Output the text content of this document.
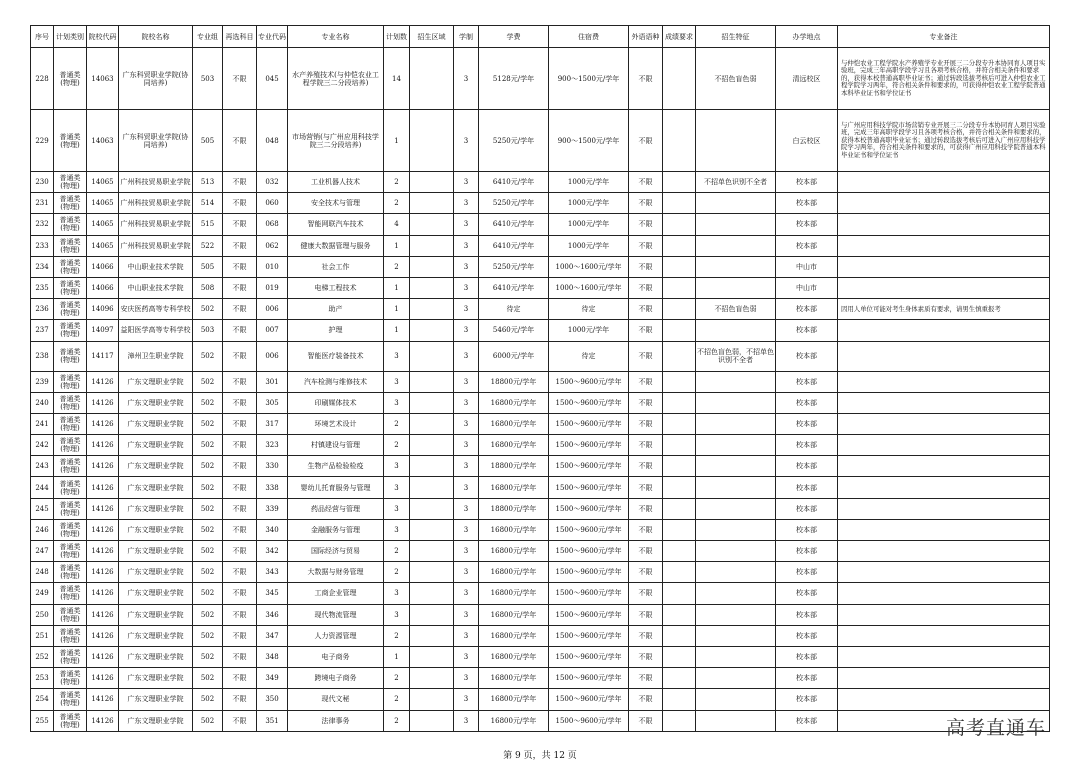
序号	计划类别	院校代码	院校名称	专业组	再选科目	专业代码	专业名称	计划数	招生区域	学制	学费	住宿费	外语语种	成绩要求	招生特征	办学地点	专业备注
228	普通类(物理)	14063	广东科贸职业学院(协同培养)	503	不限	045	水产养殖技术(与仲恺农业工程学院三二分段培养)	14		3	5128元/学年	900～1500元/学年	不限		不招色盲色弱	清远校区	与仲恺农业工程学院水产养殖学专业开展三二分段专升本协同育人项目实验班，完成三年高职学段学习且各项考核合格，并符合相关条件和要求的，获得本校普通高职毕业证书；通过转段选拔考核后可进入仲恺农业工程学院学习两年，符合相关条件和要求的，可获得仲恺农业工程学院普通本科毕业证书和学位证书
229	普通类(物理)	14063	广东科贸职业学院(协同培养)	505	不限	048	市场营销(与广州应用科技学院三二分段培养)	1		3	5250元/学年	900～1500元/学年	不限			白云校区	与广州应用科技学院市场营销专业开展三二分段专升本协同育人项目实验班，完成三年高职学段学习且各项考核合格，并符合相关条件和要求的，获得本校普通高职毕业证书；通过转段选拔考核后可进入广州应用科技学院学习两年，符合相关条件和要求的，可获得广州应用科技学院普通本科毕业证书和学位证书
230	普通类(物理)	14065	广州科技贸易职业学院	513	不限	032	工业机器人技术	2		3	6410元/学年	1000元/学年	不限		不招单色识别不全者	校本部	
231	普通类(物理)	14065	广州科技贸易职业学院	514	不限	060	安全技术与管理	2		3	5250元/学年	1000元/学年	不限			校本部	
232	普通类(物理)	14065	广州科技贸易职业学院	515	不限	068	智能网联汽车技术	4		3	6410元/学年	1000元/学年	不限			校本部	
233	普通类(物理)	14065	广州科技贸易职业学院	522	不限	062	健康大数据管理与服务	1		3	6410元/学年	1000元/学年	不限			校本部	
234	普通类(物理)	14066	中山职业技术学院	505	不限	010	社会工作	2		3	5250元/学年	1000～1600元/学年	不限			中山市	
235	普通类(物理)	14066	中山职业技术学院	508	不限	019	电梯工程技术	1		3	6410元/学年	1000～1600元/学年	不限			中山市	
236	普通类(物理)	14096	安庆医药高等专科学校	502	不限	006	助产	1		3	待定	待定	不限		不招色盲色弱	校本部	因用人单位可能对考生身体素质有要求，请男生慎重报考
237	普通类(物理)	14097	益阳医学高等专科学校	503	不限	007	护理	1		3	5460元/学年	1000元/学年	不限			校本部	
238	普通类(物理)	14117	漳州卫生职业学院	502	不限	006	智能医疗装备技术	3		3	6000元/学年	待定	不限		不招色盲色弱，不招单色识别不全者	校本部	
239	普通类(物理)	14126	广东文理职业学院	502	不限	301	汽车检测与维修技术	3		3	18800元/学年	1500～9600元/学年	不限			校本部	
240	普通类(物理)	14126	广东文理职业学院	502	不限	305	印刷媒体技术	3		3	16800元/学年	1500～9600元/学年	不限			校本部	
241	普通类(物理)	14126	广东文理职业学院	502	不限	317	环境艺术设计	2		3	16800元/学年	1500～9600元/学年	不限			校本部	
242	普通类(物理)	14126	广东文理职业学院	502	不限	323	村镇建设与管理	2		3	16800元/学年	1500～9600元/学年	不限			校本部	
243	普通类(物理)	14126	广东文理职业学院	502	不限	330	生物产品检验检疫	3		3	18800元/学年	1500～9600元/学年	不限			校本部	
244	普通类(物理)	14126	广东文理职业学院	502	不限	338	婴幼儿托育服务与管理	3		3	16800元/学年	1500～9600元/学年	不限			校本部	
245	普通类(物理)	14126	广东文理职业学院	502	不限	339	药品经营与管理	3		3	18800元/学年	1500～9600元/学年	不限			校本部	
246	普通类(物理)	14126	广东文理职业学院	502	不限	340	金融服务与管理	3		3	16800元/学年	1500～9600元/学年	不限			校本部	
247	普通类(物理)	14126	广东文理职业学院	502	不限	342	国际经济与贸易	2		3	16800元/学年	1500～9600元/学年	不限			校本部	
248	普通类(物理)	14126	广东文理职业学院	502	不限	343	大数据与财务管理	2		3	16800元/学年	1500～9600元/学年	不限			校本部	
249	普通类(物理)	14126	广东文理职业学院	502	不限	345	工商企业管理	3		3	16800元/学年	1500～9600元/学年	不限			校本部	
250	普通类(物理)	14126	广东文理职业学院	502	不限	346	现代物流管理	3		3	16800元/学年	1500～9600元/学年	不限			校本部	
251	普通类(物理)	14126	广东文理职业学院	502	不限	347	人力资源管理	2		3	16800元/学年	1500～9600元/学年	不限			校本部	
252	普通类(物理)	14126	广东文理职业学院	502	不限	348	电子商务	1		3	16800元/学年	1500～9600元/学年	不限			校本部	
253	普通类(物理)	14126	广东文理职业学院	502	不限	349	跨境电子商务	2		3	16800元/学年	1500～9600元/学年	不限			校本部	
254	普通类(物理)	14126	广东文理职业学院	502	不限	350	现代文秘	2		3	16800元/学年	1500～9600元/学年	不限			校本部	
255	普通类(物理)	14126	广东文理职业学院	502	不限	351	法律事务	2		3	16800元/学年	1500～9600元/学年	不限			校本部	
第 9 页，共 12 页
高考直通车
